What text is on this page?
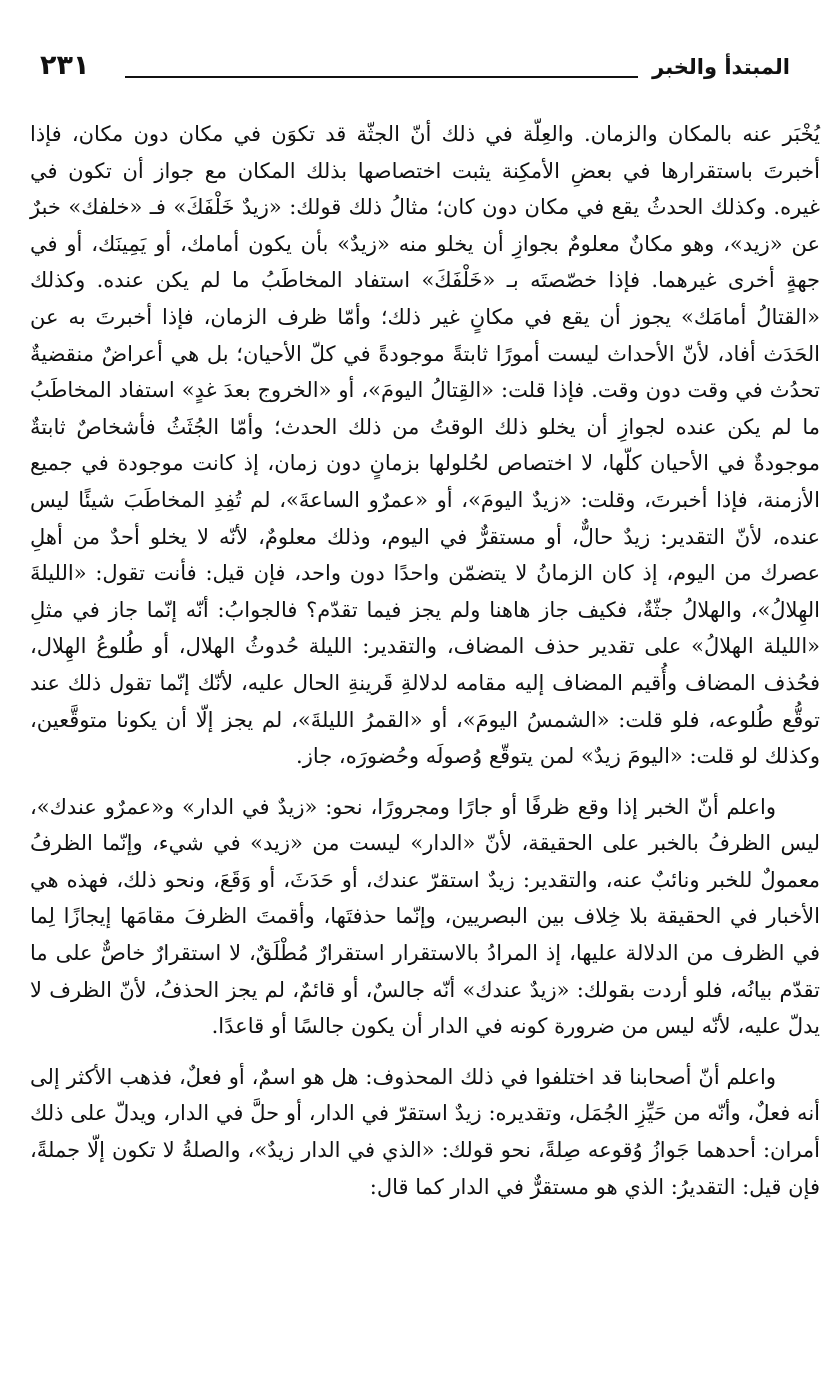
المبتدأ والخبر
٢٣١

يُخْبَر عنه بالمكان والزمان. والعِلّة في ذلك أنّ الجثّة قد تكوَن في مكان دون مكان، فإذا أخبرتَ باستقرارها في بعضِ الأمكِنة يثبت اختصاصها بذلك المكان مع جواز أن تكون في غيره. وكذلك الحدثُ يقع في مكان دون كان؛ مثالُ ذلك قولك: «زيدٌ خَلْفَكَ» فـ «خلفك» خبرٌ عن «زيد»، وهو مكانٌ معلومٌ بجوازِ أن يخلو منه «زيدٌ» بأن يكون أمامك، أو يَمِينَك، أو في جهةٍ أخرى غيرهما. فإذا خصّصتَه بـ «خَلْفَكَ» استفاد المخاطَبُ ما لم يكن عنده. وكذلك «القتالُ أمامَك» يجوز أن يقع في مكانٍ غير ذلك؛ وأمّا ظرف الزمان، فإذا أخبرتَ به عن الحَدَث أفاد، لأنّ الأحداث ليست أمورًا ثابتةً موجودةً في كلّ الأحيان؛ بل هي أعراضٌ منقضيةٌ تحدُث في وقت دون وقت. فإذا قلت: «القِتالُ اليومَ»، أو «الخروج بعدَ غدٍ» استفاد المخاطَبُ ما لم يكن عنده لجوازِ أن يخلو ذلك الوقتُ من ذلك الحدث؛ وأمّا الجُثَثُ فأشخاصٌ ثابتةٌ موجودةٌ في الأحيان كلّها، لا اختصاص لحُلولها بزمانٍ دون زمان، إذ كانت موجودة في جميع الأزمنة، فإذا أخبرتَ، وقلت: «زيدٌ اليومَ»، أو «عمرٌو الساعةَ»، لم تُفِدِ المخاطَبَ شيئًا ليس عنده، لأنّ التقدير: زيدٌ حالٌّ، أو مستقرٌّ في اليوم، وذلك معلومٌ، لأنّه لا يخلو أحدٌ من أهلِ عصرك من اليوم، إذ كان الزمانُ لا يتضمّن واحدًا دون واحد، فإن قيل: فأنت تقول: «الليلةَ الهِلالُ»، والهلالُ جثّةٌ، فكيف جاز هاهنا ولم يجز فيما تقدّم؟ فالجوابُ: أنّه إنّما جاز في مثلِ «الليلة الهلالُ» على تقدير حذف المضاف، والتقدير: الليلة حُدوثُ الهلال، أو طُلوعُ الهِلال، فحُذف المضاف وأُقيم المضاف إليه مقامه لدلالةِ قَرينةِ الحال عليه، لأنّك إنّما تقول ذلك عند توقُّع طُلوعه، فلو قلت: «الشمسُ اليومَ»، أو «القمرُ الليلةَ»، لم يجز إلّا أن يكونا متوقَّعين، وكذلك لو قلت: «اليومَ زيدٌ» لمن يتوقّع وُصولَه وحُضورَه، جاز.

واعلم أنّ الخبر إذا وقع ظرفًا أو جارًا ومجرورًا، نحو: «زيدٌ في الدار» و«عمرٌو عندك»، ليس الظرفُ بالخبر على الحقيقة، لأنّ «الدار» ليست من «زيد» في شيء، وإنّما الظرفُ معمولٌ للخبر ونائبٌ عنه، والتقدير: زيدٌ استقرّ عندك، أو حَدَثَ، أو وَقَعَ، ونحو ذلك، فهذه هي الأخبار في الحقيقة بلا خِلاف بين البصريين، وإنّما حذفتَها، وأقمتَ الظرفَ مقامَها إيجازًا لِما في الظرف من الدلالة عليها، إذ المرادُ بالاستقرار استقرارٌ مُطْلَقٌ، لا استقرارٌ خاصٌّ على ما تقدّم بيانُه، فلو أردت بقولك: «زيدٌ عندك» أنّه جالسٌ، أو قائمٌ، لم يجز الحذفُ، لأنّ الظرف لا يدلّ عليه، لأنّه ليس من ضرورة كونه في الدار أن يكون جالسًا أو قاعدًا.

واعلم أنّ أصحابنا قد اختلفوا في ذلك المحذوف: هل هو اسمٌ، أو فعلٌ، فذهب الأكثر إلى أنه فعلٌ، وأنّه من حَيِّزِ الجُمَل، وتقديره: زيدٌ استقرّ في الدار، أو حلَّ في الدار، ويدلّ على ذلك أمران: أحدهما جَوازُ وُقوعه صِلةً، نحو قولك: «الذي في الدار زيدٌ»، والصلةُ لا تكون إلّا جملةً، فإن قيل: التقديرُ: الذي هو مستقرٌّ في الدار كما قال:
